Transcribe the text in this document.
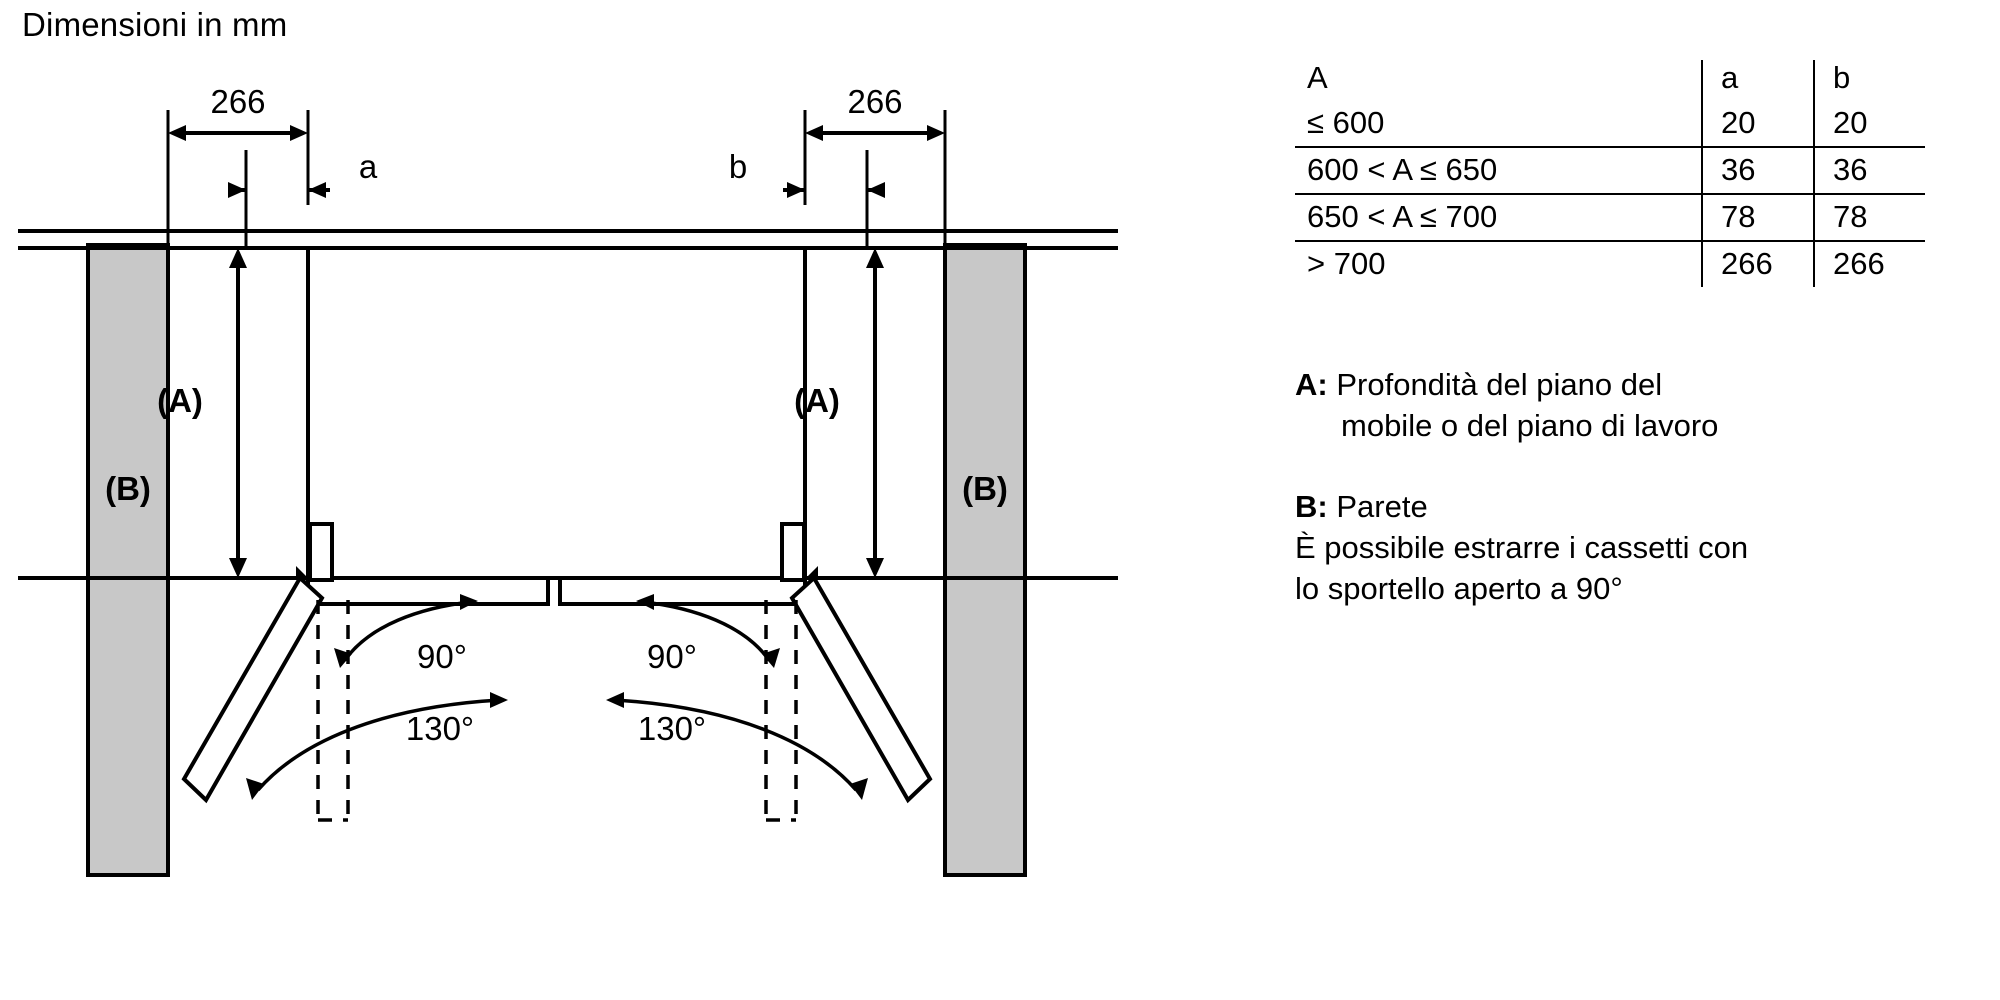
Dimensioni in mm
266
a
266
b
(A)	(A)
(B)	(B)
90°
130°
90°
130°
A	a	b
≤ 600	20	20
600 < A ≤ 650	36	36
650 < A ≤ 700	78	78
> 700	266	266

A: Profondità del piano del

mobile o del piano di lavoro

B: Parete

È possibile estrarre i cassetti con

lo sportello aperto a 90°
